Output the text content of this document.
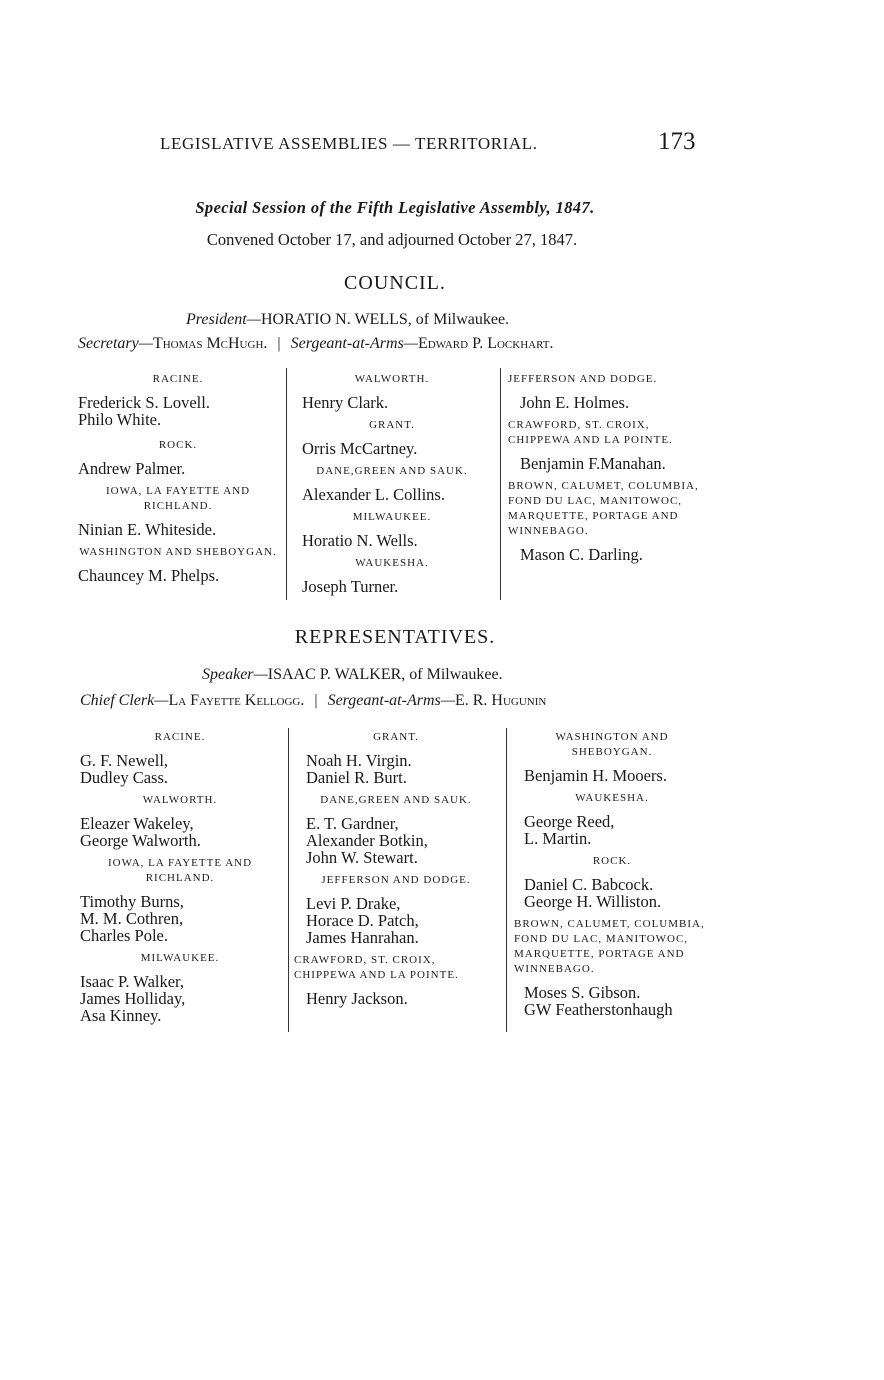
LEGISLATIVE ASSEMBLIES — TERRITORIAL.	173
Special Session of the Fifth Legislative Assembly, 1847.
Convened October 17, and adjourned October 27, 1847.
COUNCIL.
President—HORATIO N. WELLS, of Milwaukee.
Secretary—Thomas McHugh. | Sergeant-at-Arms—Edward P. Lockhart.

RACINE.

Frederick S. Lovell.

Philo White.

ROCK.

Andrew Palmer.

IOWA, LA FAYETTE AND RICHLAND.

Ninian E. Whiteside.

WASHINGTON AND SHEBOYGAN.

Chauncey M. Phelps.

WALWORTH.

Henry Clark.

GRANT.

Orris McCartney.

DANE,GREEN AND SAUK.

Alexander L. Collins.

MILWAUKEE.

Horatio N. Wells.

WAUKESHA.

Joseph Turner.

JEFFERSON AND DODGE.

John E. Holmes.

CRAWFORD, ST. CROIX, CHIPPEWA AND LA POINTE.

Benjamin F.Manahan.

BROWN, CALUMET, COLUMBIA, FOND DU LAC, MANITOWOC, MARQUETTE, PORTAGE AND WINNEBAGO.

Mason C. Darling.

REPRESENTATIVES.
Speaker—ISAAC P. WALKER, of Milwaukee.
Chief Clerk—La Fayette Kellogg. | Sergeant-at-Arms—E. R. Hugunin

RACINE.

G. F. Newell,

Dudley Cass.

WALWORTH.

Eleazer Wakeley,

George Walworth.

IOWA, LA FAYETTE AND RICHLAND.

Timothy Burns,

M. M. Cothren,

Charles Pole.

MILWAUKEE.

Isaac P. Walker,

James Holliday,

Asa Kinney.

GRANT.

Noah H. Virgin.

Daniel R. Burt.

DANE,GREEN AND SAUK.

E. T. Gardner,

Alexander Botkin,

John W. Stewart.

JEFFERSON AND DODGE.

Levi P. Drake,

Horace D. Patch,

James Hanrahan.

CRAWFORD, ST. CROIX, CHIPPEWA AND LA POINTE.

Henry Jackson.

WASHINGTON AND SHEBOYGAN.

Benjamin H. Mooers.

WAUKESHA.

George Reed,

L. Martin.

ROCK.

Daniel C. Babcock.

George H. Williston.

BROWN, CALUMET, COLUMBIA, FOND DU LAC, MANITOWOC, MARQUETTE, PORTAGE AND WINNEBAGO.

Moses S. Gibson.

GW Featherstonhaugh
